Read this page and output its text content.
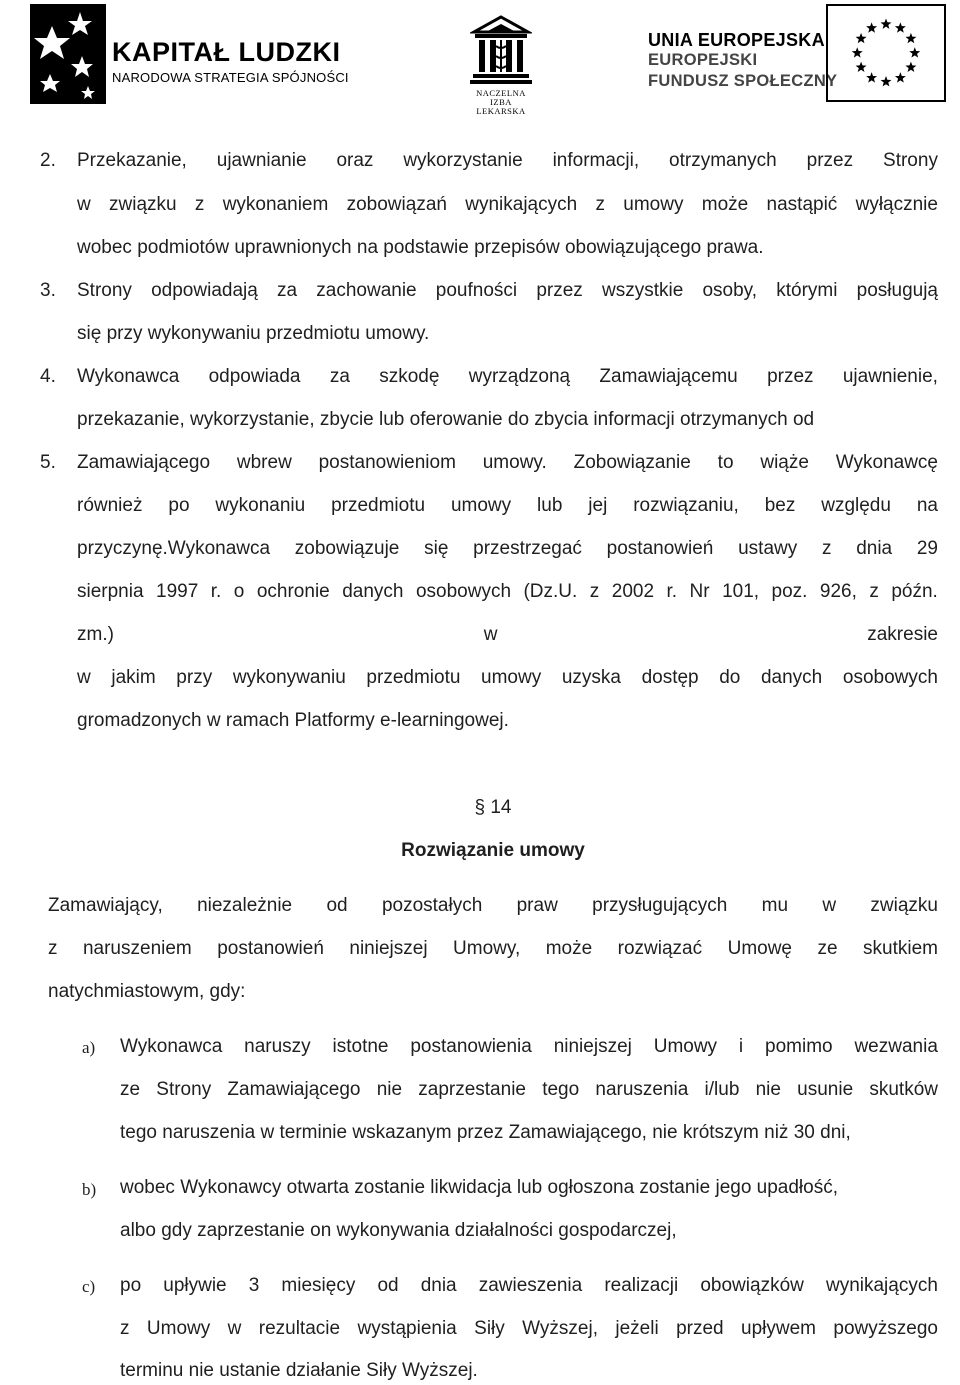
KAPITAŁ LUDZKI
NARODOWA STRATEGIA SPÓJNOŚCI
NACZELNA
IZBA LEKARSKA
UNIA EUROPEJSKA
EUROPEJSKI
FUNDUSZ SPOŁECZNY
2. Przekazanie, ujawnianie oraz wykorzystanie informacji, otrzymanych przez Strony
w związku z wykonaniem zobowiązań wynikających z umowy może nastąpić wyłącznie
wobec podmiotów uprawnionych na podstawie przepisów obowiązującego prawa.
3. Strony odpowiadają za zachowanie poufności przez wszystkie osoby, którymi posługują
się przy wykonywaniu przedmiotu umowy.
4. Wykonawca odpowiada za szkodę wyrządzoną Zamawiającemu przez ujawnienie,
przekazanie, wykorzystanie, zbycie lub oferowanie do zbycia informacji otrzymanych od
5. Zamawiającego wbrew postanowieniom umowy. Zobowiązanie to wiąże Wykonawcę
również po wykonaniu przedmiotu umowy lub jej rozwiązaniu, bez względu na
przyczynę.Wykonawca zobowiązuje się przestrzegać postanowień ustawy z dnia 29
sierpnia 1997 r. o ochronie danych osobowych (Dz.U. z 2002 r. Nr 101, poz. 926, z późn.
zm.)	w	zakresie
w jakim przy wykonywaniu przedmiotu umowy uzyska dostęp do danych osobowych
gromadzonych w ramach Platformy e-learningowej.
§ 14
Rozwiązanie umowy
Zamawiający, niezależnie od pozostałych praw przysługujących mu w związku
z naruszeniem postanowień niniejszej Umowy, może rozwiązać Umowę ze skutkiem
natychmiastowym, gdy:
a) Wykonawca naruszy istotne postanowienia niniejszej Umowy i pomimo wezwania
ze Strony Zamawiającego nie zaprzestanie tego naruszenia i/lub nie usunie skutków
tego naruszenia w terminie wskazanym przez Zamawiającego, nie krótszym niż 30 dni,
b) wobec Wykonawcy otwarta zostanie likwidacja lub ogłoszona zostanie jego upadłość,
albo gdy zaprzestanie on wykonywania działalności gospodarczej,
c) po upływie 3 miesięcy od dnia zawieszenia realizacji obowiązków wynikających
z Umowy w rezultacie wystąpienia Siły Wyższej, jeżeli przed upływem powyższego
terminu nie ustanie działanie Siły Wyższej.
